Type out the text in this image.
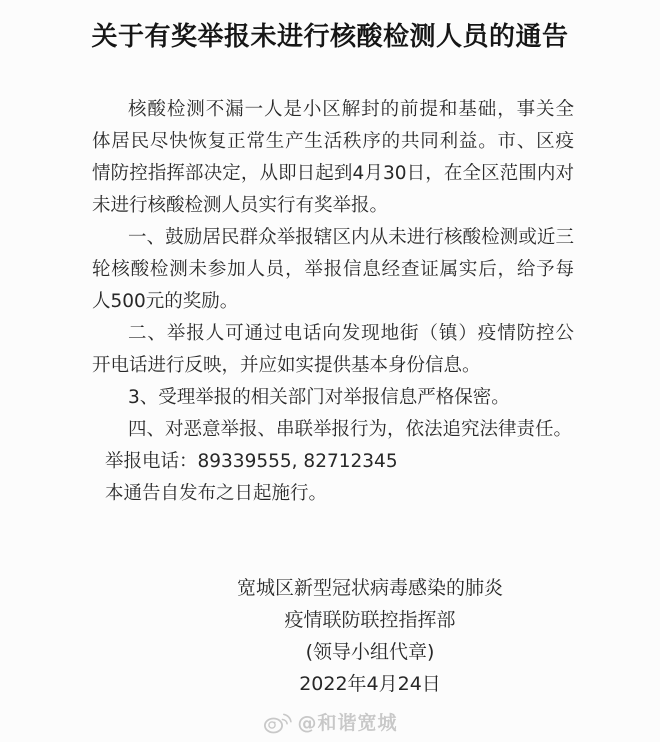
关于有奖举报未进行核酸检测人员的通告
核酸检测不漏一人是小区解封的前提和基础，事关全
体居民尽快恢复正常生产生活秩序的共同利益。市、区疫
情防控指挥部决定，从即日起到4月30日，在全区范围内对
未进行核酸检测人员实行有奖举报。
一、鼓励居民群众举报辖区内从未进行核酸检测或近三
轮核酸检测未参加人员，举报信息经查证属实后，给予每
人500元的奖励。
二、举报人可通过电话向发现地街（镇）疫情防控公
开电话进行反映，并应如实提供基本身份信息。
3、受理举报的相关部门对举报信息严格保密。
四、对恶意举报、串联举报行为，依法追究法律责任。
举报电话：89339555, 82712345
本通告自发布之日起施行。
宽城区新型冠状病毒感染的肺炎
疫情联防联控指挥部
(领导小组代章)
2022年4月24日
@和谐宽城
